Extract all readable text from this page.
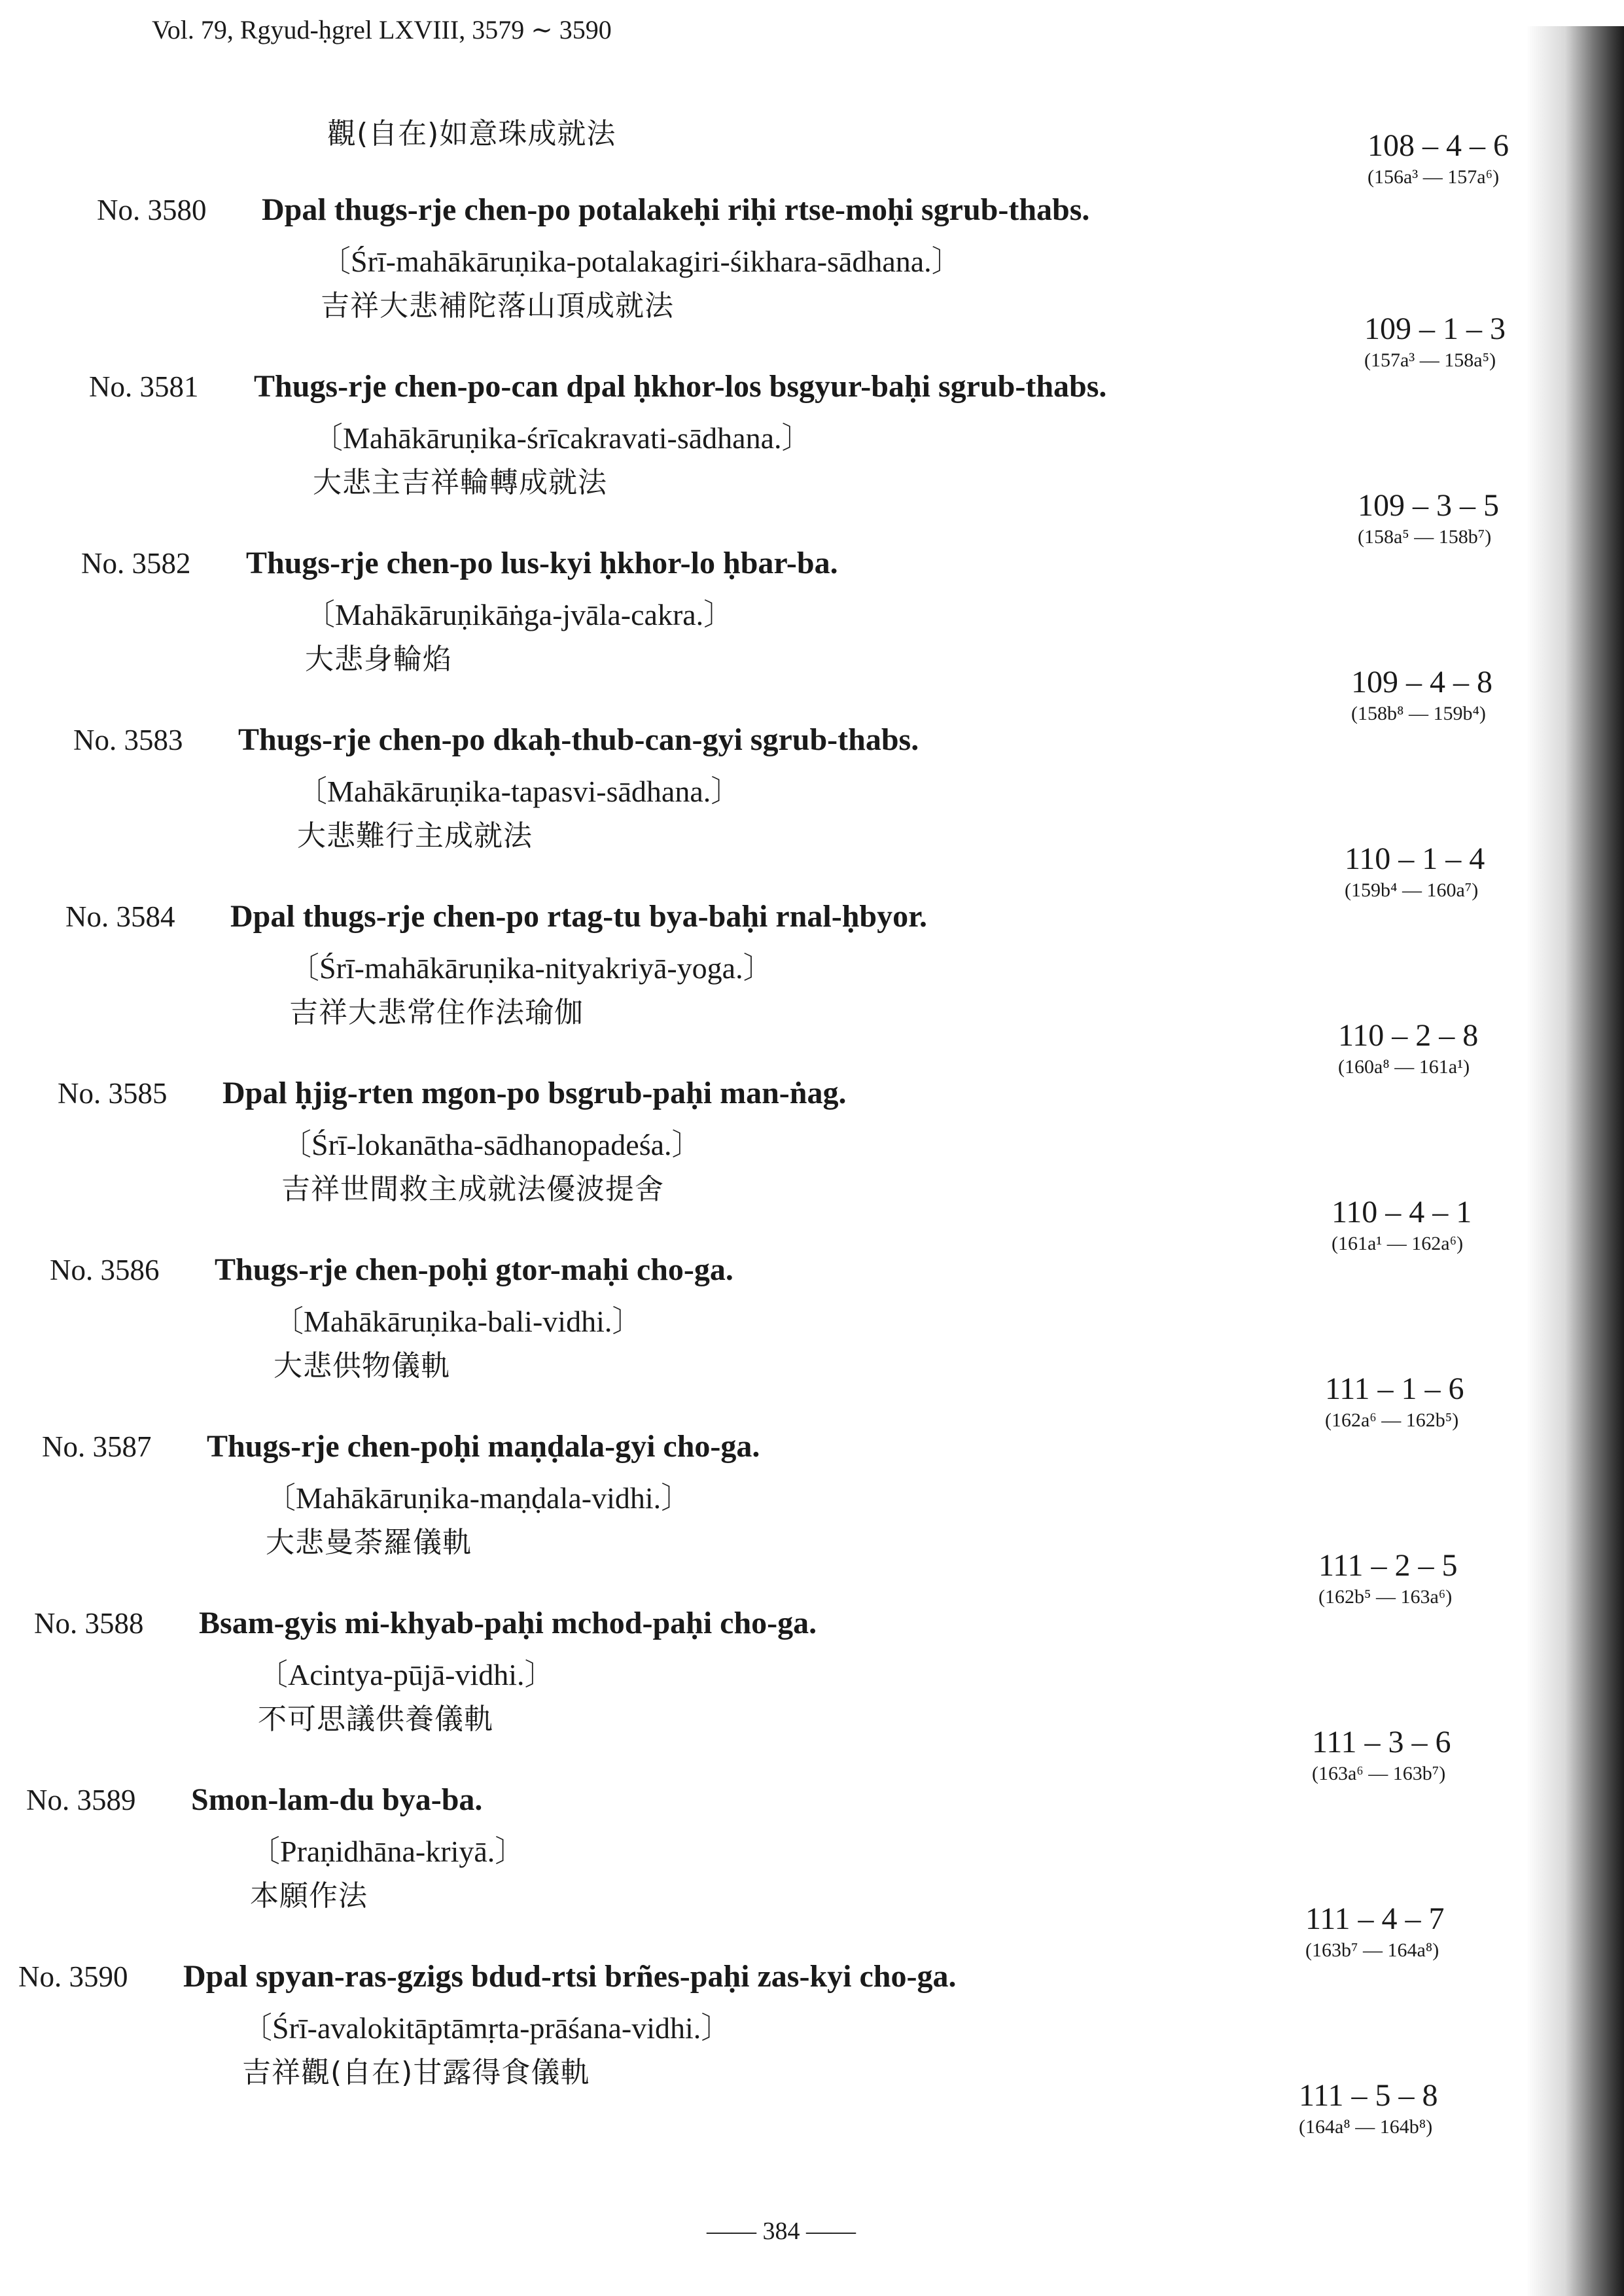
Vol. 79, Rgyud-ḥgrel LXVIII, 3579 ∼ 3590
觀(自在)如意珠成就法	108 – 4 – 6
(156a³ — 157a⁶)
No. 3580 Dpal thugs-rje chen-po potalakeḥi riḥi rtse-moḥi sgrub-thabs.
〔Śrī-mahākāruṇika-potalakagiri-śikhara-sādhana.〕
吉祥大悲補陀落山頂成就法
109 – 1 – 3
(157a³ — 158a⁵)
No. 3581 Thugs-rje chen-po-can dpal ḥkhor-los bsgyur-baḥi sgrub-thabs.
〔Mahākāruṇika-śrīcakravati-sādhana.〕
大悲主吉祥輪轉成就法
109 – 3 – 5
(158a⁵ — 158b⁷)
No. 3582 Thugs-rje chen-po lus-kyi ḥkhor-lo ḥbar-ba.
〔Mahākāruṇikāṅga-jvāla-cakra.〕
大悲身輪焰
109 – 4 – 8
(158b⁸ — 159b⁴)
No. 3583 Thugs-rje chen-po dkaḥ-thub-can-gyi sgrub-thabs.
〔Mahākāruṇika-tapasvi-sādhana.〕
大悲難行主成就法
110 – 1 – 4
(159b⁴ — 160a⁷)
No. 3584 Dpal thugs-rje chen-po rtag-tu bya-baḥi rnal-ḥbyor.
〔Śrī-mahākāruṇika-nityakriyā-yoga.〕
吉祥大悲常住作法瑜伽
110 – 2 – 8
(160a⁸ — 161a¹)
No. 3585 Dpal ḥjig-rten mgon-po bsgrub-paḥi man-ṅag.
〔Śrī-lokanātha-sādhanopadeśa.〕
吉祥世間救主成就法優波提舍
110 – 4 – 1
(161a¹ — 162a⁶)
No. 3586 Thugs-rje chen-poḥi gtor-maḥi cho-ga.
〔Mahākāruṇika-bali-vidhi.〕
大悲供物儀軌
111 – 1 – 6
(162a⁶ — 162b⁵)
No. 3587 Thugs-rje chen-poḥi maṇḍala-gyi cho-ga.
〔Mahākāruṇika-maṇḍala-vidhi.〕
大悲曼荼羅儀軌
111 – 2 – 5
(162b⁵ — 163a⁶)
No. 3588 Bsam-gyis mi-khyab-paḥi mchod-paḥi cho-ga.
〔Acintya-pūjā-vidhi.〕
不可思議供養儀軌
111 – 3 – 6
(163a⁶ — 163b⁷)
No. 3589 Smon-lam-du bya-ba.
〔Praṇidhāna-kriyā.〕
本願作法
111 – 4 – 7
(163b⁷ — 164a⁸)
No. 3590 Dpal spyan-ras-gzigs bdud-rtsi brñes-paḥi zas-kyi cho-ga.
〔Śrī-avalokitāptāmṛta-prāśana-vidhi.〕
吉祥觀(自在)甘露得食儀軌
111 – 5 – 8
(164a⁸ — 164b⁸)
—— 384 ——
